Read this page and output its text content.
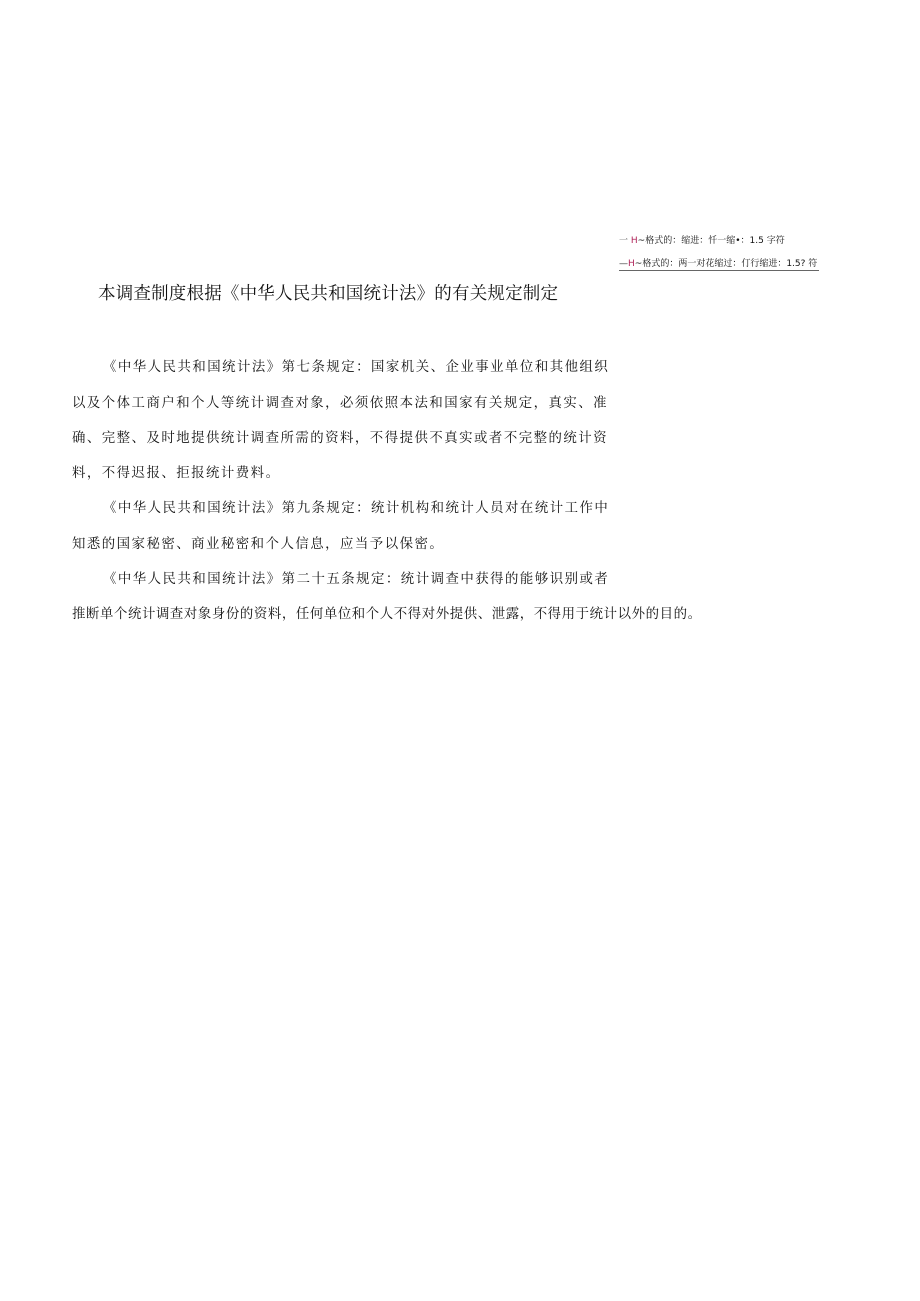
一 H~格式的：缩进：忏一缩•：1.5 字符
—H~格式的：两一对花缩过：仃行缩进：1.5? 符
本调查制度根据《中华人民共和国统计法》的有关规定制定
《中华人民共和国统计法》第七条规定：国家机关、企业事业单位和其他组织
以及个体工商户和个人等统计调查对象，必须依照本法和国家有关规定，真实、准
确、完整、及时地提供统计调查所需的资料，不得提供不真实或者不完整的统计资
料，不得迟报、拒报统计费料。
《中华人民共和国统计法》第九条规定：统计机构和统计人员对在统计工作中
知悉的国家秘密、商业秘密和个人信息，应当予以保密。
《中华人民共和国统计法》第二十五条规定：统计调查中获得的能够识别或者
推断单个统计调查对象身份的资料，任何单位和个人不得对外提供、泄露，不得用于统计以外的目的。
